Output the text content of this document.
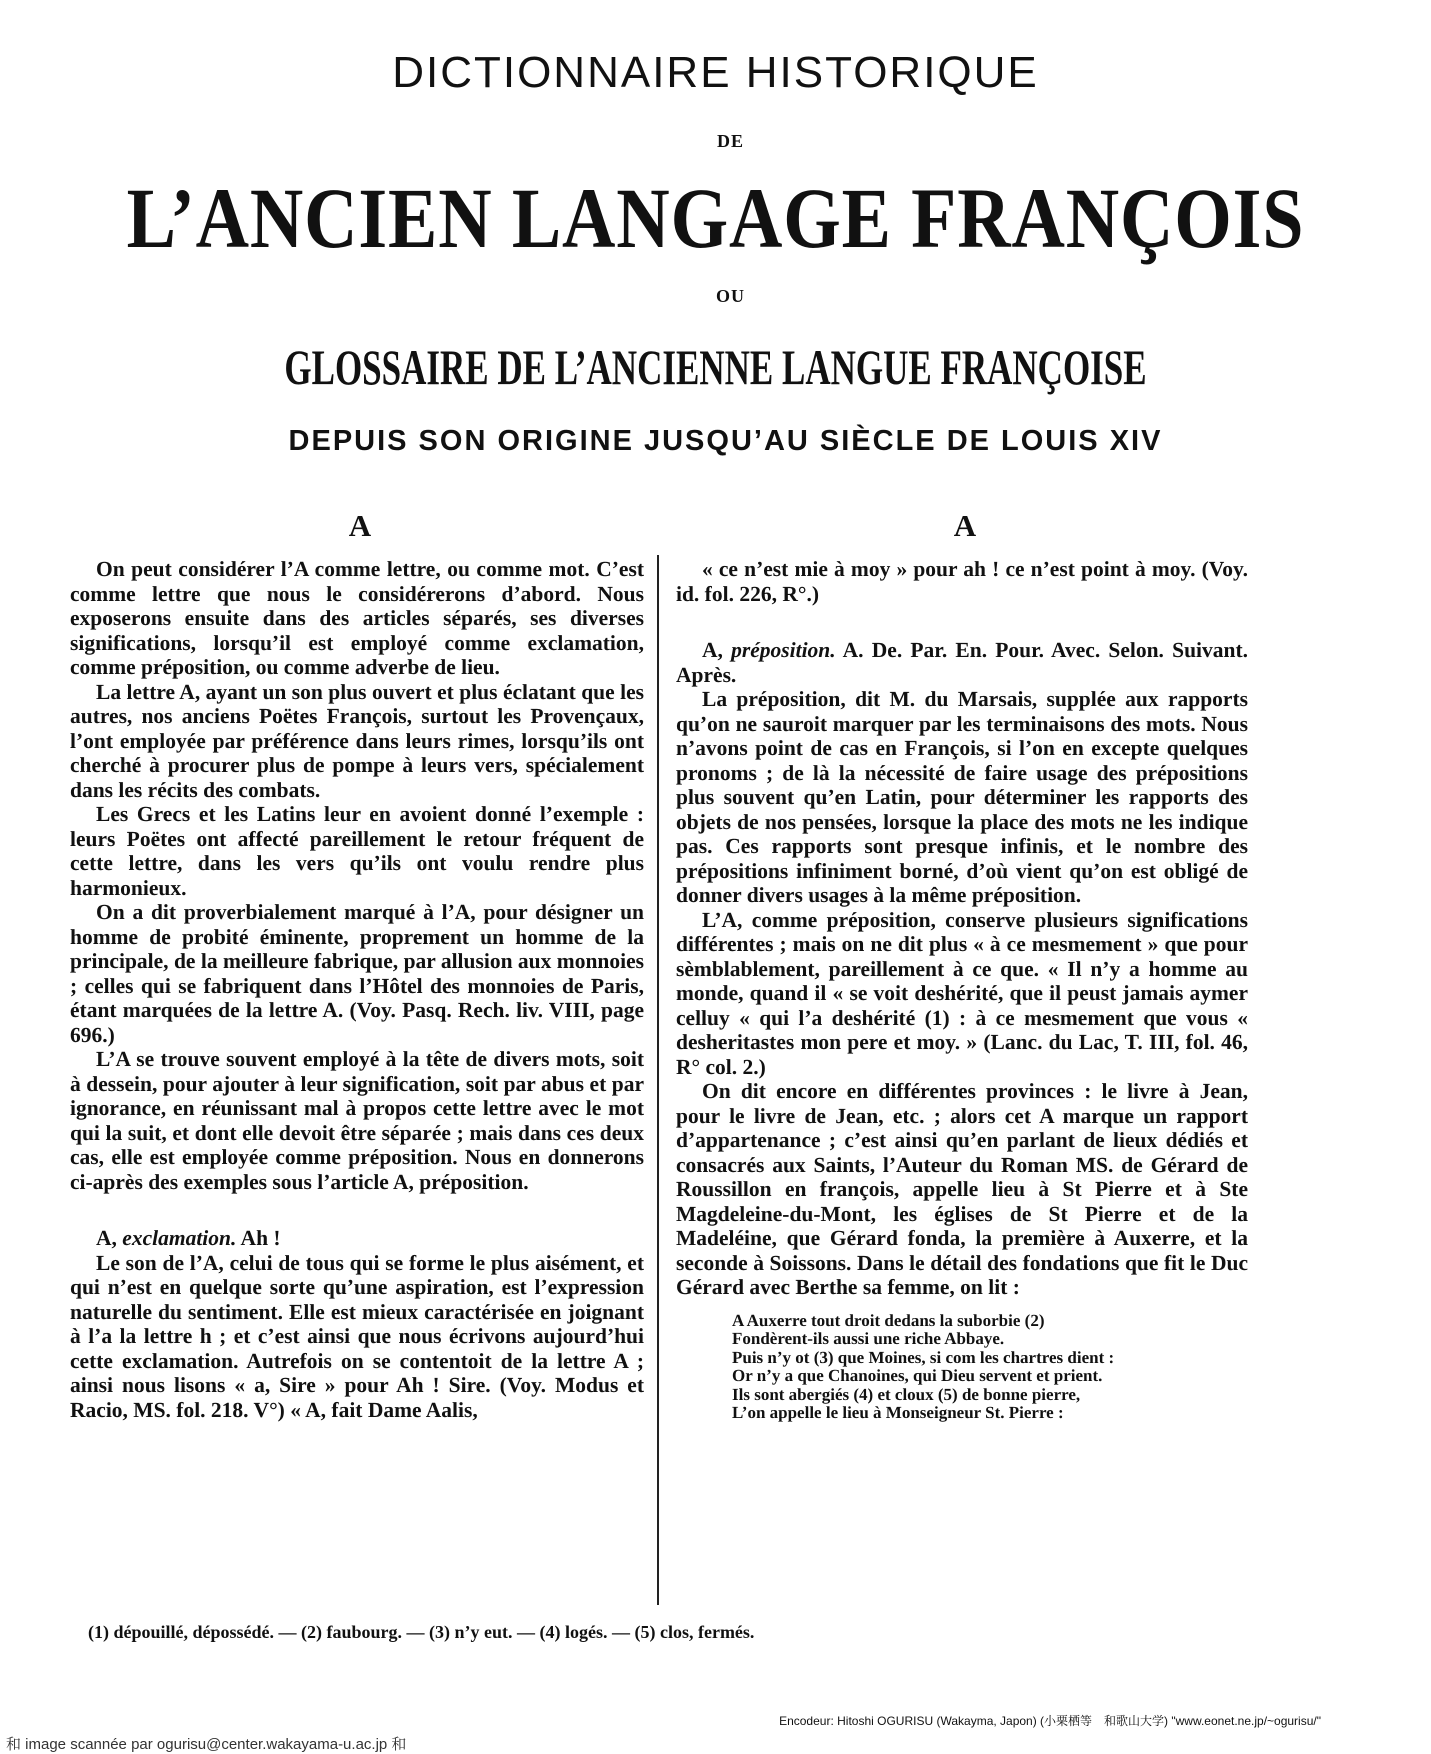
DICTIONNAIRE HISTORIQUE
DE
L’ANCIEN LANGAGE FRANÇOIS
OU
GLOSSAIRE DE L’ANCIENNE LANGUE FRANÇOISE
DEPUIS SON ORIGINE JUSQU’AU SIÈCLE DE LOUIS XIV
A	A

On peut considérer l’A comme lettre, ou comme mot. C’est comme lettre que nous le considérerons d’abord. Nous exposerons ensuite dans des articles séparés, ses diverses significations, lorsqu’il est employé comme exclamation, comme préposition, ou comme adverbe de lieu.

La lettre A, ayant un son plus ouvert et plus éclatant que les autres, nos anciens Poëtes François, surtout les Provençaux, l’ont employée par préférence dans leurs rimes, lorsqu’ils ont cherché à procurer plus de pompe à leurs vers, spécialement dans les récits des combats.

Les Grecs et les Latins leur en avoient donné l’exemple : leurs Poëtes ont affecté pareillement le retour fréquent de cette lettre, dans les vers qu’ils ont voulu rendre plus harmonieux.

On a dit proverbialement marqué à l’A, pour désigner un homme de probité éminente, proprement un homme de la principale, de la meilleure fabrique, par allusion aux monnoies ; celles qui se fabriquent dans l’Hôtel des monnoies de Paris, étant marquées de la lettre A. (Voy. Pasq. Rech. liv. VIII, page 696.)

L’A se trouve souvent employé à la tête de divers mots, soit à dessein, pour ajouter à leur signification, soit par abus et par ignorance, en réunissant mal à propos cette lettre avec le mot qui la suit, et dont elle devoit être séparée ; mais dans ces deux cas, elle est employée comme préposition. Nous en donnerons ci-après des exemples sous l’article A, préposition.

A, exclamation. Ah !

Le son de l’A, celui de tous qui se forme le plus aisément, et qui n’est en quelque sorte qu’une aspiration, est l’expression naturelle du sentiment. Elle est mieux caractérisée en joignant à l’a la lettre h ; et c’est ainsi que nous écrivons aujourd’hui cette exclamation. Autrefois on se contentoit de la lettre A ; ainsi nous lisons « a, Sire » pour Ah ! Sire. (Voy. Modus et Racio, MS. fol. 218. V°) « A, fait Dame Aalis,

« ce n’est mie à moy » pour ah ! ce n’est point à moy. (Voy. id. fol. 226, R°.)

A, préposition. A. De. Par. En. Pour. Avec. Selon. Suivant. Après.

La préposition, dit M. du Marsais, supplée aux rapports qu’on ne sauroit marquer par les terminaisons des mots. Nous n’avons point de cas en François, si l’on en excepte quelques pronoms ; de là la nécessité de faire usage des prépositions plus souvent qu’en Latin, pour déterminer les rapports des objets de nos pensées, lorsque la place des mots ne les indique pas. Ces rapports sont presque infinis, et le nombre des prépositions infiniment borné, d’où vient qu’on est obligé de donner divers usages à la même préposition.

L’A, comme préposition, conserve plusieurs significations différentes ; mais on ne dit plus « à ce mesmement » que pour sèmblablement, pareillement à ce que. « Il n’y a homme au monde, quand il « se voit deshérité, que il peust jamais aymer celluy « qui l’a deshérité (1) : à ce mesmement que vous « desheritastes mon pere et moy. » (Lanc. du Lac, T. III, fol. 46, R° col. 2.)

On dit encore en différentes provinces : le livre à Jean, pour le livre de Jean, etc. ; alors cet A marque un rapport d’appartenance ; c’est ainsi qu’en parlant de lieux dédiés et consacrés aux Saints, l’Auteur du Roman MS. de Gérard de Roussillon en françois, appelle lieu à St Pierre et à Ste Magdeleine-du-Mont, les églises de St Pierre et de la Madeléine, que Gérard fonda, la première à Auxerre, et la seconde à Soissons. Dans le détail des fondations que fit le Duc Gérard avec Berthe sa femme, on lit :

A Auxerre tout droit dedans la suborbie (2)
Fondèrent-ils aussi une riche Abbaye.
Puis n’y ot (3) que Moines, si com les chartres dient :
Or n’y a que Chanoines, qui Dieu servent et prient.
Ils sont abergiés (4) et cloux (5) de bonne pierre,
L’on appelle le lieu à Monseigneur St. Pierre :
(1) dépouillé, dépossédé. — (2) faubourg. — (3) n’y eut. — (4) logés. — (5) clos, fermés.
Encodeur: Hitoshi OGURISU (Wakayma, Japon) (小栗栖等　和歌山大学) "www.eonet.ne.jp/~ogurisu/"
和 image scannée par ogurisu@center.wakayama-u.ac.jp 和
